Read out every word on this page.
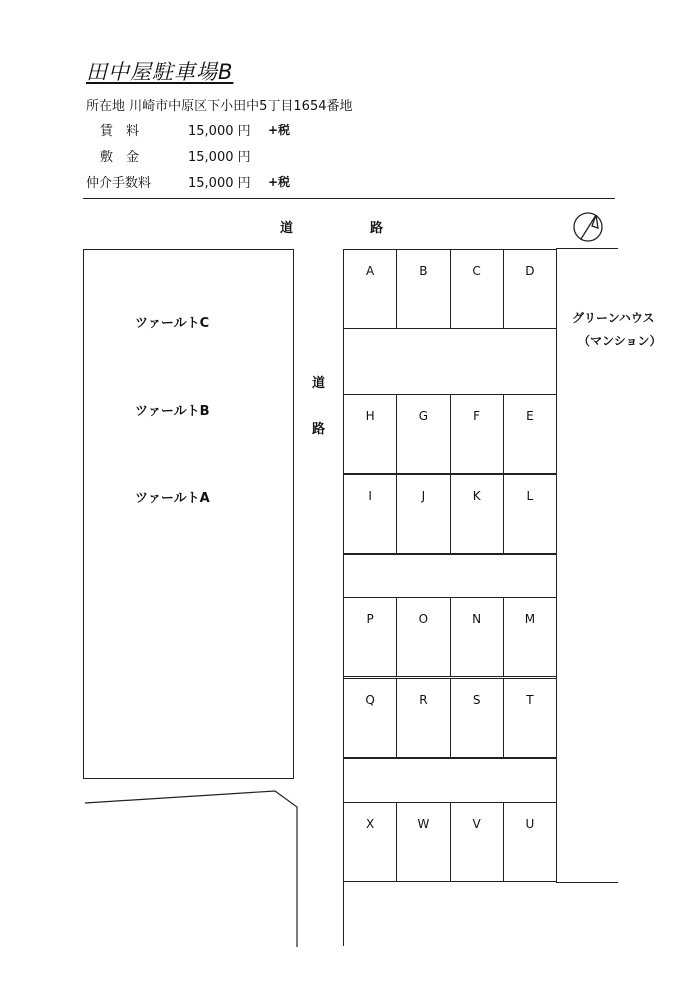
田中屋駐車場B
所在地 川崎市中原区下小田中5丁目1654番地
賃　料	15,000 円 +税
敷　金	15,000 円
仲介手数料	15,000 円 +税
道	路
ツァールトC
ツァールトB
ツァールトA
道
路
A	B	C	D
H	G	F	E
I	J	K	L
P	O	N	M
Q	R	S	T
X	W	V	U
グリーンハウス
（マンション）
